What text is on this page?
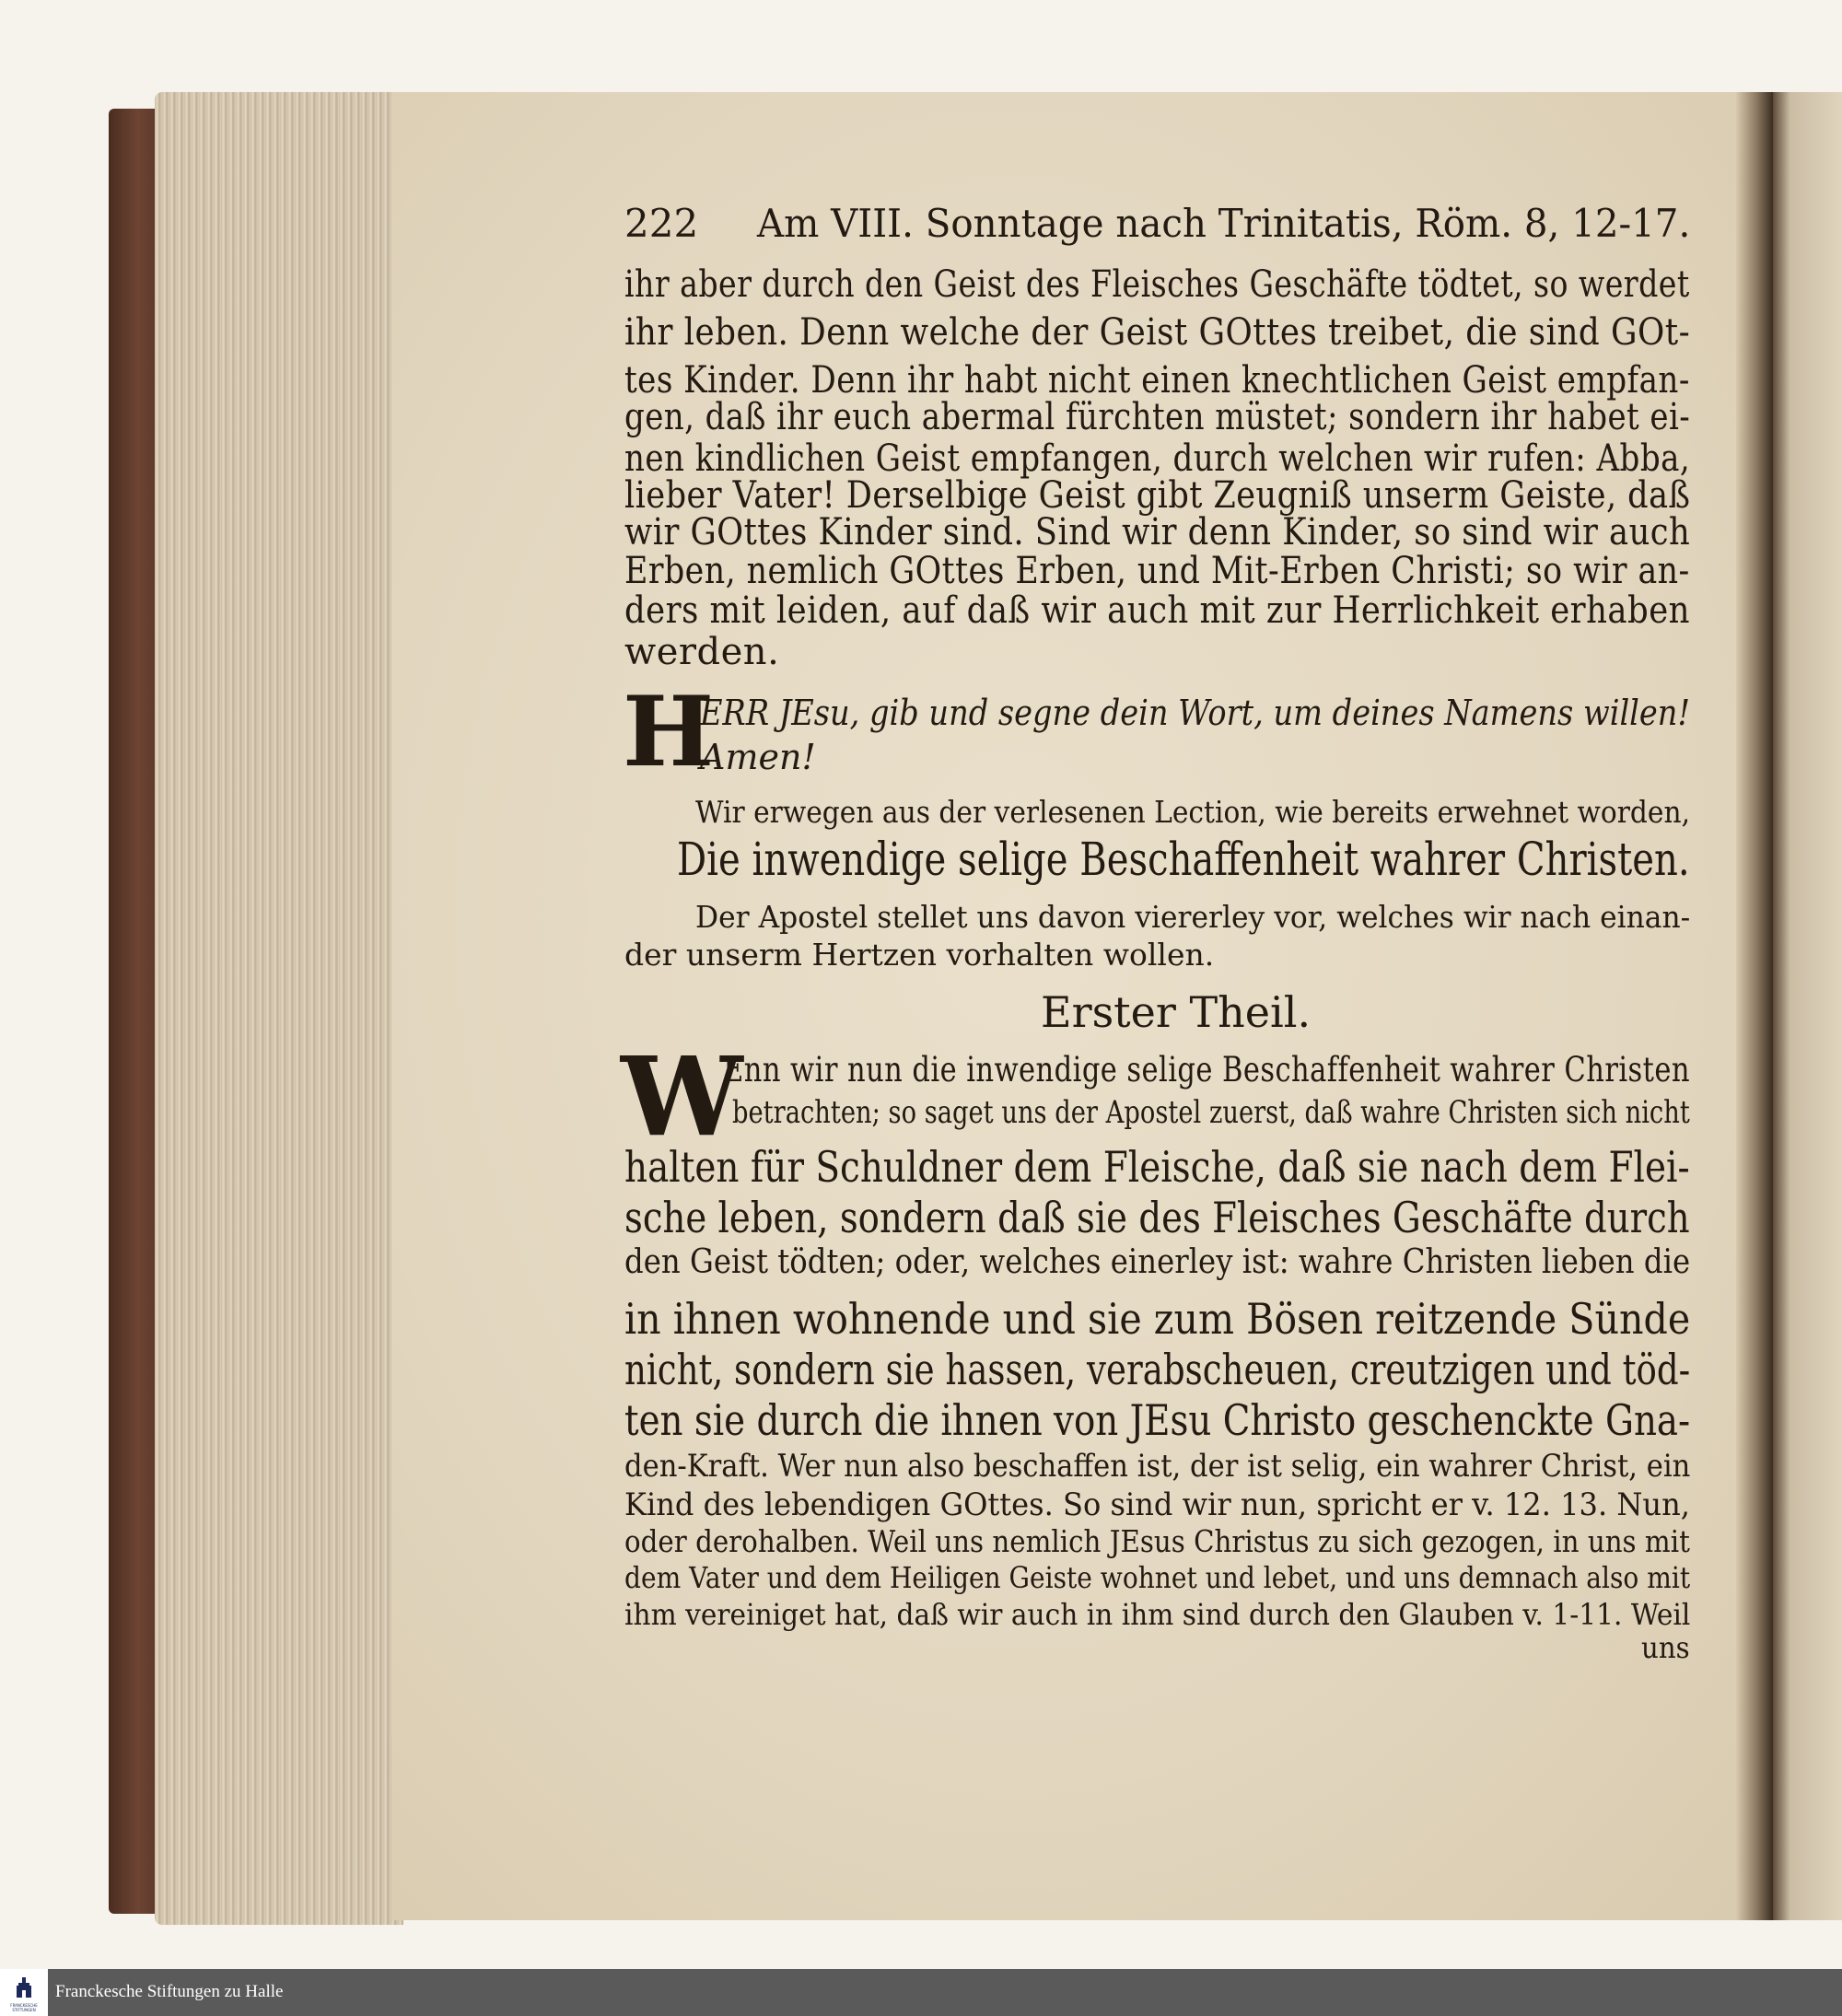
222 Am VIII. Sonntage nach Trinitatis, Röm. 8, 12-17.
ihr aber durch den Geist des Fleisches Geschäfte tödtet, so werdet
ihr leben. Denn welche der Geist GOttes treibet, die sind GOt-
tes Kinder. Denn ihr habt nicht einen knechtlichen Geist empfan-
gen, daß ihr euch abermal fürchten müstet; sondern ihr habet ei-
nen kindlichen Geist empfangen, durch welchen wir rufen: Abba,
lieber Vater! Derselbige Geist gibt Zeugniß unserm Geiste, daß
wir GOttes Kinder sind. Sind wir denn Kinder, so sind wir auch
Erben, nemlich GOttes Erben, und Mit-Erben Christi; so wir an-
ders mit leiden, auf daß wir auch mit zur Herrlichkeit erhaben
werden.
H
ERR JEsu, gib und segne dein Wort, um deines Namens willen!
Amen!
Wir erwegen aus der verlesenen Lection, wie bereits erwehnet worden,
Die inwendige selige Beschaffenheit wahrer Christen.
Der Apostel stellet uns davon viererley vor, welches wir nach einan-
der unserm Hertzen vorhalten wollen.
Erster Theil.
W
Enn wir nun die inwendige selige Beschaffenheit wahrer Christen
betrachten; so saget uns der Apostel zuerst, daß wahre Christen sich nicht
halten für Schuldner dem Fleische, daß sie nach dem Flei-
sche leben, sondern daß sie des Fleisches Geschäfte durch
den Geist tödten; oder, welches einerley ist: wahre Christen lieben die
in ihnen wohnende und sie zum Bösen reitzende Sünde
nicht, sondern sie hassen, verabscheuen, creutzigen und töd-
ten sie durch die ihnen von JEsu Christo geschenckte Gna-
den-Kraft. Wer nun also beschaffen ist, der ist selig, ein wahrer Christ, ein
Kind des lebendigen GOttes. So sind wir nun, spricht er v. 12. 13. Nun,
oder derohalben. Weil uns nemlich JEsus Christus zu sich gezogen, in uns mit
dem Vater und dem Heiligen Geiste wohnet und lebet, und uns demnach also mit
ihm vereiniget hat, daß wir auch in ihm sind durch den Glauben v. 1-11. Weil
uns
FRANCKESCHE STIFTUNGEN
Franckesche Stiftungen zu Halle
